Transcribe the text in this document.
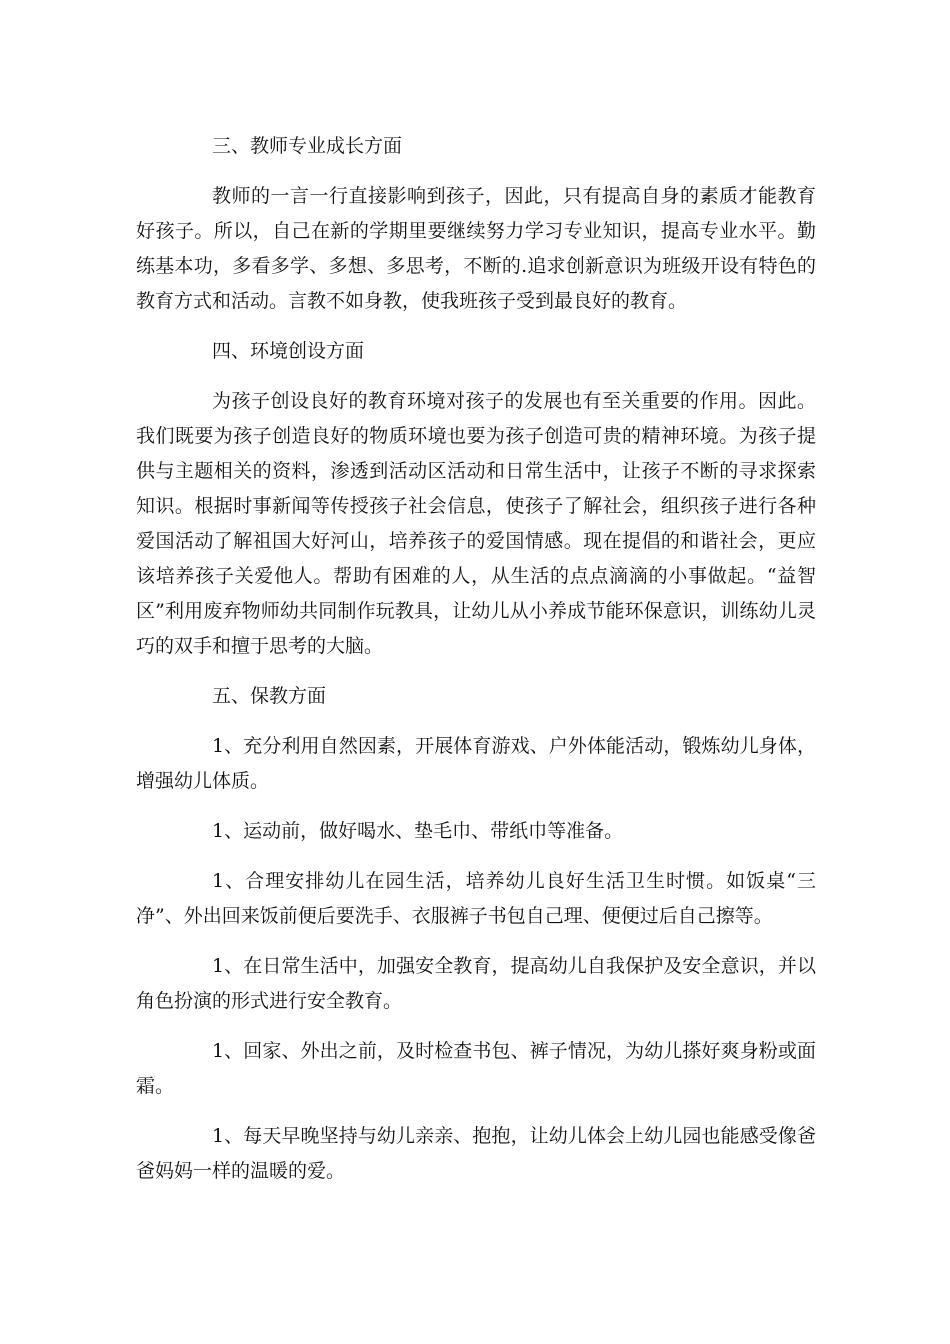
三、教师专业成长方面

教师的一言一行直接影响到孩子，因此，只有提高自身的素质才能教育好孩子。所以，自己在新的学期里要继续努力学习专业知识，提高专业水平。勤练基本功，多看多学、多想、多思考，不断的.追求创新意识为班级开设有特色的教育方式和活动。言教不如身教，使我班孩子受到最良好的教育。

四、环境创设方面

为孩子创设良好的教育环境对孩子的发展也有至关重要的作用。因此。我们既要为孩子创造良好的物质环境也要为孩子创造可贵的精神环境。为孩子提供与主题相关的资料，渗透到活动区活动和日常生活中，让孩子不断的寻求探索知识。根据时事新闻等传授孩子社会信息，使孩子了解社会，组织孩子进行各种爱国活动了解祖国大好河山，培养孩子的爱国情感。现在提倡的和谐社会，更应该培养孩子关爱他人。帮助有困难的人，从生活的点点滴滴的小事做起。“益智区”利用废弃物师幼共同制作玩教具，让幼儿从小养成节能环保意识，训练幼儿灵巧的双手和擅于思考的大脑。

五、保教方面

1、充分利用自然因素，开展体育游戏、户外体能活动，锻炼幼儿身体，增强幼儿体质。

1、运动前，做好喝水、垫毛巾、带纸巾等准备。

1、合理安排幼儿在园生活，培养幼儿良好生活卫生时惯。如饭桌“三净”、外出回来饭前便后要洗手、衣服裤子书包自己理、便便过后自己擦等。

1、在日常生活中，加强安全教育，提高幼儿自我保护及安全意识，并以角色扮演的形式进行安全教育。

1、回家、外出之前，及时检查书包、裤子情况，为幼儿搽好爽身粉或面霜。

1、每天早晚坚持与幼儿亲亲、抱抱，让幼儿体会上幼儿园也能感受像爸爸妈妈一样的温暖的爱。
